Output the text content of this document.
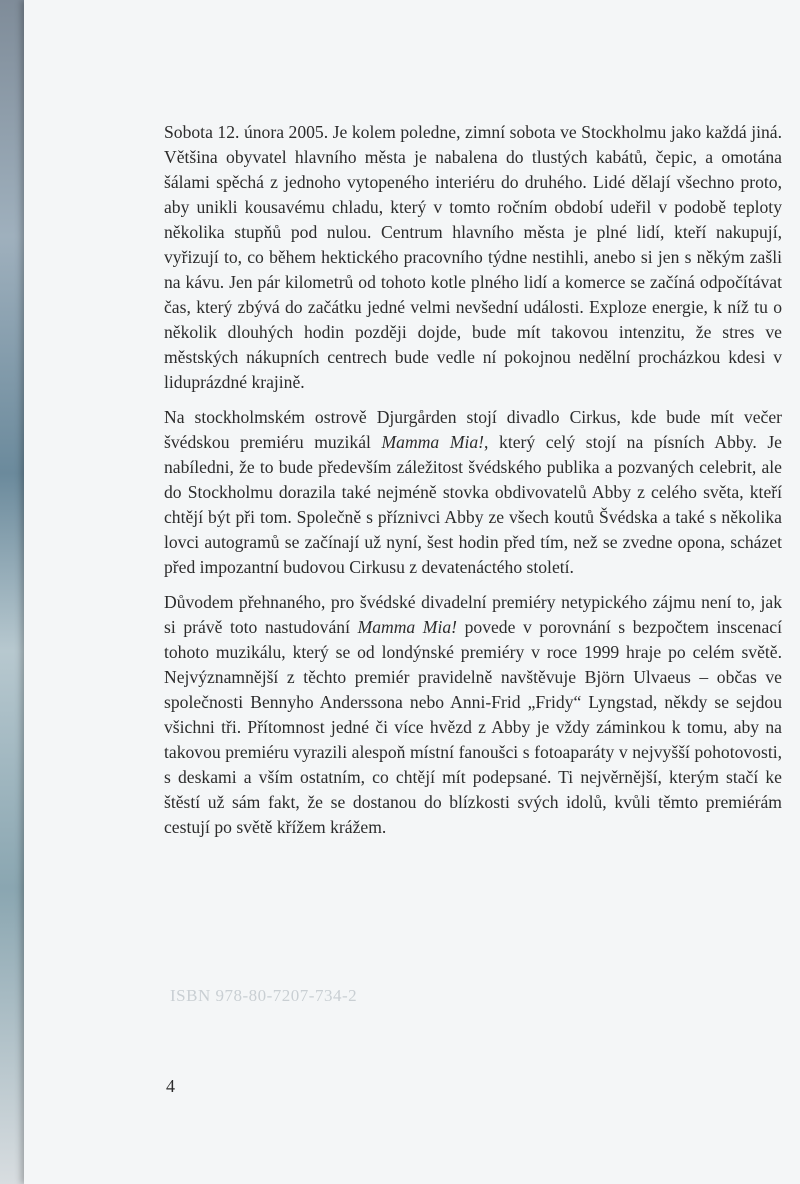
Sobota 12. února 2005. Je kolem poledne, zimní sobota ve Stockholmu jako každá jiná. Většina obyvatel hlavního města je nabalena do tlustých kabátů, čepic, a omotána šálami spěchá z jednoho vytopeného interiéru do druhého. Lidé dělají všechno proto, aby unikli kousavému chladu, který v tomto ročním období udeřil v podobě teploty několika stupňů pod nulou. Centrum hlavního města je plné lidí, kteří nakupují, vyřizují to, co během hektického pracovního týdne nestihli, anebo si jen s někým zašli na kávu. Jen pár kilometrů od tohoto kotle plného lidí a komerce se začíná odpočítávat čas, který zbývá do začátku jedné velmi nevšední události. Exploze energie, k níž tu o několik dlouhých hodin později dojde, bude mít takovou intenzitu, že stres ve městských nákupních centrech bude vedle ní pokojnou nedělní procházkou kdesi v liduprázdné krajině.

Na stockholmském ostrově Djurgården stojí divadlo Cirkus, kde bude mít večer švédskou premiéru muzikál Mamma Mia!, který celý stojí na písních Abby. Je nabíledni, že to bude především záležitost švédského publika a pozvaných celebrit, ale do Stockholmu dorazila také nejméně stovka obdivovatelů Abby z celého světa, kteří chtějí být při tom. Společně s příznivci Abby ze všech koutů Švédska a také s několika lovci autogramů se začínají už nyní, šest hodin před tím, než se zvedne opona, scházet před impozantní budovou Cirkusu z devatenáctého století.

Důvodem přehnaného, pro švédské divadelní premiéry netypického zájmu není to, jak si právě toto nastudování Mamma Mia! povede v porovnání s bezpočtem inscenací tohoto muzikálu, který se od londýnské premiéry v roce 1999 hraje po celém světě. Nejvýznamnější z těchto premiér pravidelně navštěvuje Björn Ulvaeus – občas ve společnosti Bennyho Anderssona nebo Anni-Frid „Fridy“ Lyngstad, někdy se sejdou všichni tři. Přítomnost jedné či více hvězd z Abby je vždy záminkou k tomu, aby na takovou premiéru vyrazili alespoň místní fanoušci s fotoaparáty v nejvyšší pohotovosti, s deskami a vším ostatním, co chtějí mít podepsané. Ti nejvěrnější, kterým stačí ke štěstí už sám fakt, že se dostanou do blízkosti svých idolů, kvůli těmto premiérám cestují po světě křížem krážem.

ISBN 978-80-7207-734-2
4
